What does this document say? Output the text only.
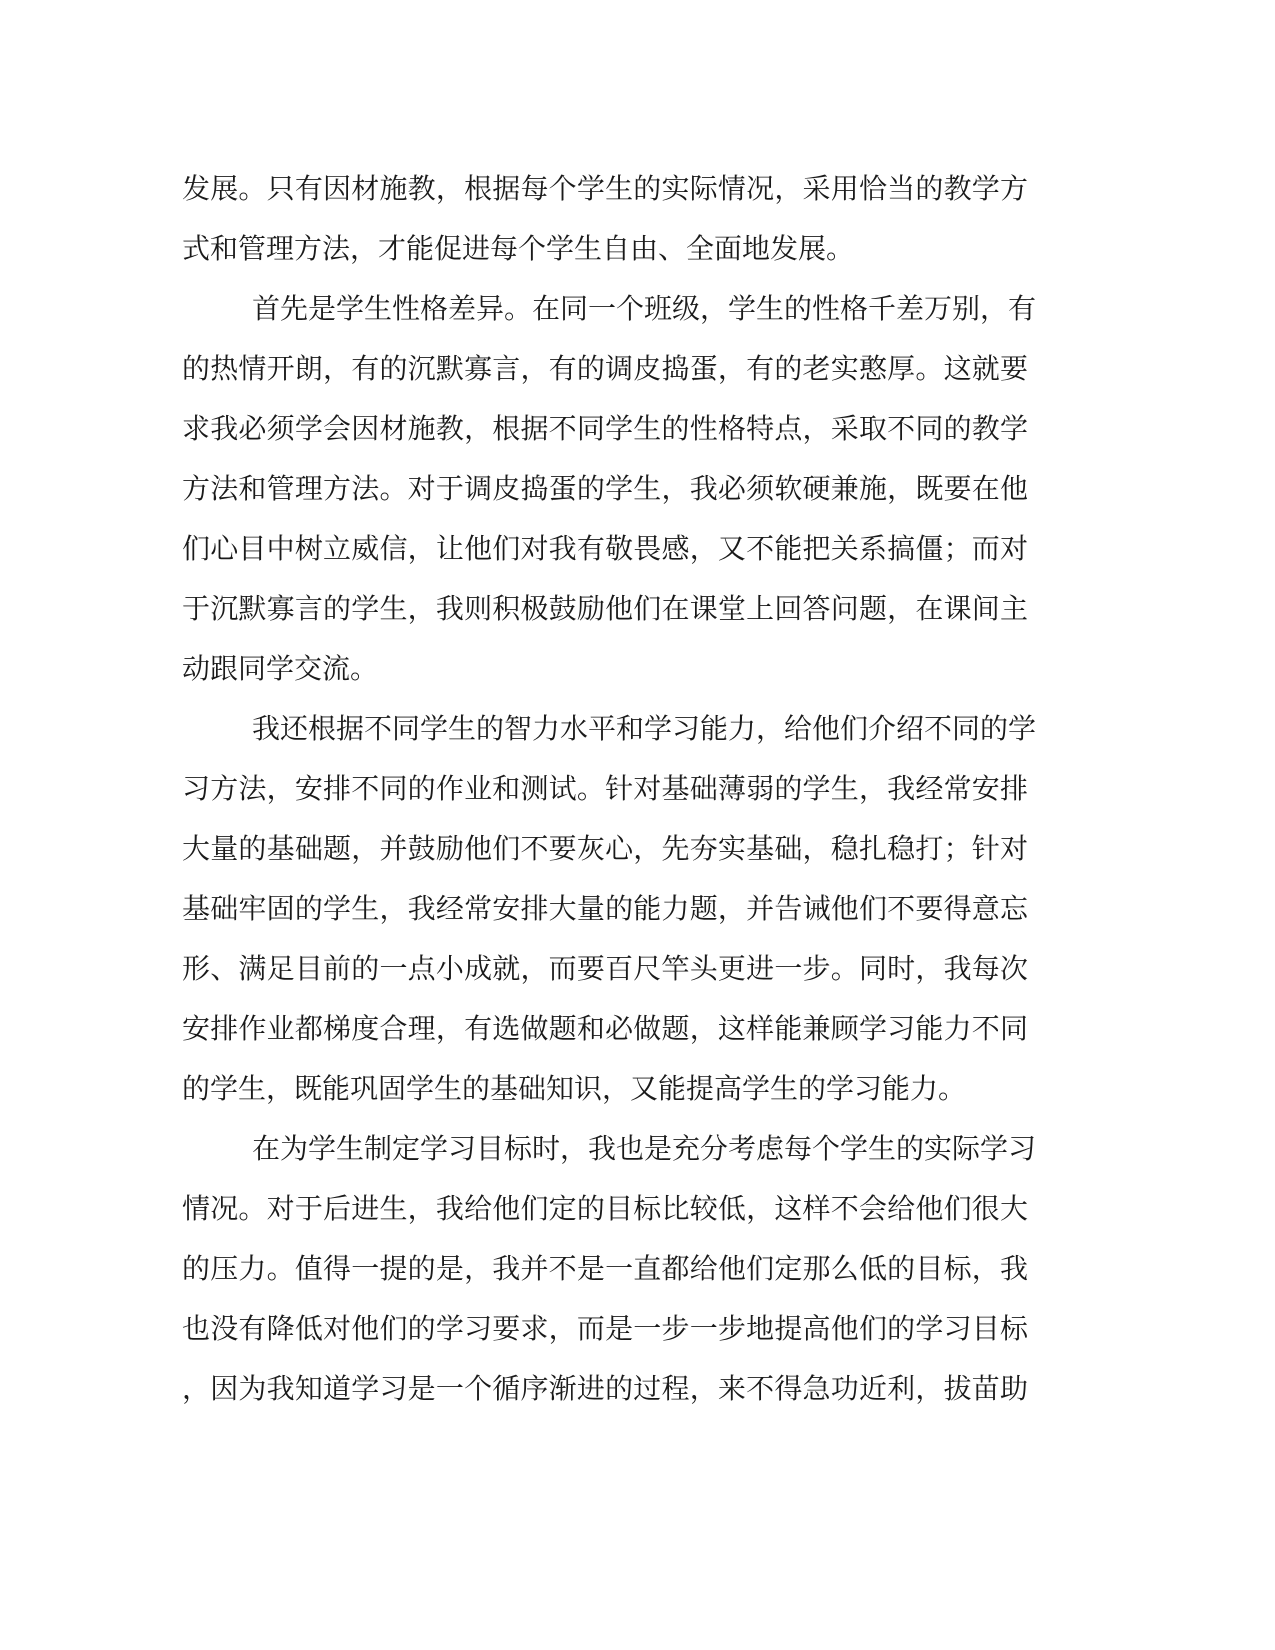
发展。只有因材施教，根据每个学生的实际情况，采用恰当的教学方
式和管理方法，才能促进每个学生自由、全面地发展。
首先是学生性格差异。在同一个班级，学生的性格千差万别，有
的热情开朗，有的沉默寡言，有的调皮捣蛋，有的老实憨厚。这就要
求我必须学会因材施教，根据不同学生的性格特点，采取不同的教学
方法和管理方法。对于调皮捣蛋的学生，我必须软硬兼施，既要在他
们心目中树立威信，让他们对我有敬畏感，又不能把关系搞僵；而对
于沉默寡言的学生，我则积极鼓励他们在课堂上回答问题，在课间主
动跟同学交流。
我还根据不同学生的智力水平和学习能力，给他们介绍不同的学
习方法，安排不同的作业和测试。针对基础薄弱的学生，我经常安排
大量的基础题，并鼓励他们不要灰心，先夯实基础，稳扎稳打；针对
基础牢固的学生，我经常安排大量的能力题，并告诫他们不要得意忘
形、满足目前的一点小成就，而要百尺竿头更进一步。同时，我每次
安排作业都梯度合理，有选做题和必做题，这样能兼顾学习能力不同
的学生，既能巩固学生的基础知识，又能提高学生的学习能力。
在为学生制定学习目标时，我也是充分考虑每个学生的实际学习
情况。对于后进生，我给他们定的目标比较低，这样不会给他们很大
的压力。值得一提的是，我并不是一直都给他们定那么低的目标，我
也没有降低对他们的学习要求，而是一步一步地提高他们的学习目标
，因为我知道学习是一个循序渐进的过程，来不得急功近利，拔苗助
